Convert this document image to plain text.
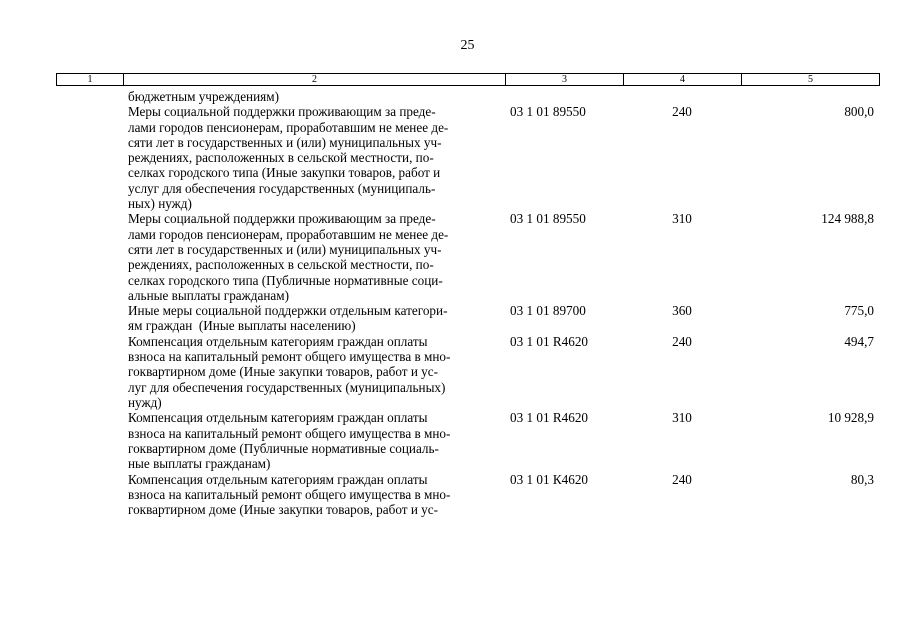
25
1	2	3	4	5
бюджетным учреждениям)
Меры социальной поддержки проживающим за преде-
лами городов пенсионерам, проработавшим не менее де-
сяти лет в государственных и (или) муниципальных уч-
реждениях, расположенных в сельской местности, по-
селках городского типа (Иные закупки товаров, работ и
услуг для обеспечения государственных (муниципаль-
ных) нужд)
03 1 01 89550	240	800,0
Меры социальной поддержки проживающим за преде-
лами городов пенсионерам, проработавшим не менее де-
сяти лет в государственных и (или) муниципальных уч-
реждениях, расположенных в сельской местности, по-
селках городского типа (Публичные нормативные соци-
альные выплаты гражданам)
03 1 01 89550	310	124 988,8
Иные меры социальной поддержки отдельным категори-
ям граждан  (Иные выплаты населению)
03 1 01 89700	360	775,0
Компенсация отдельным категориям граждан оплаты
взноса на капитальный ремонт общего имущества в мно-
гоквартирном доме (Иные закупки товаров, работ и ус-
луг для обеспечения государственных (муниципальных)
нужд)
03 1 01 R4620	240	494,7
Компенсация отдельным категориям граждан оплаты
взноса на капитальный ремонт общего имущества в мно-
гоквартирном доме (Публичные нормативные социаль-
ные выплаты гражданам)
03 1 01 R4620	310	10 928,9
Компенсация отдельным категориям граждан оплаты
взноса на капитальный ремонт общего имущества в мно-
гоквартирном доме (Иные закупки товаров, работ и ус-
03 1 01 К4620	240	80,3
